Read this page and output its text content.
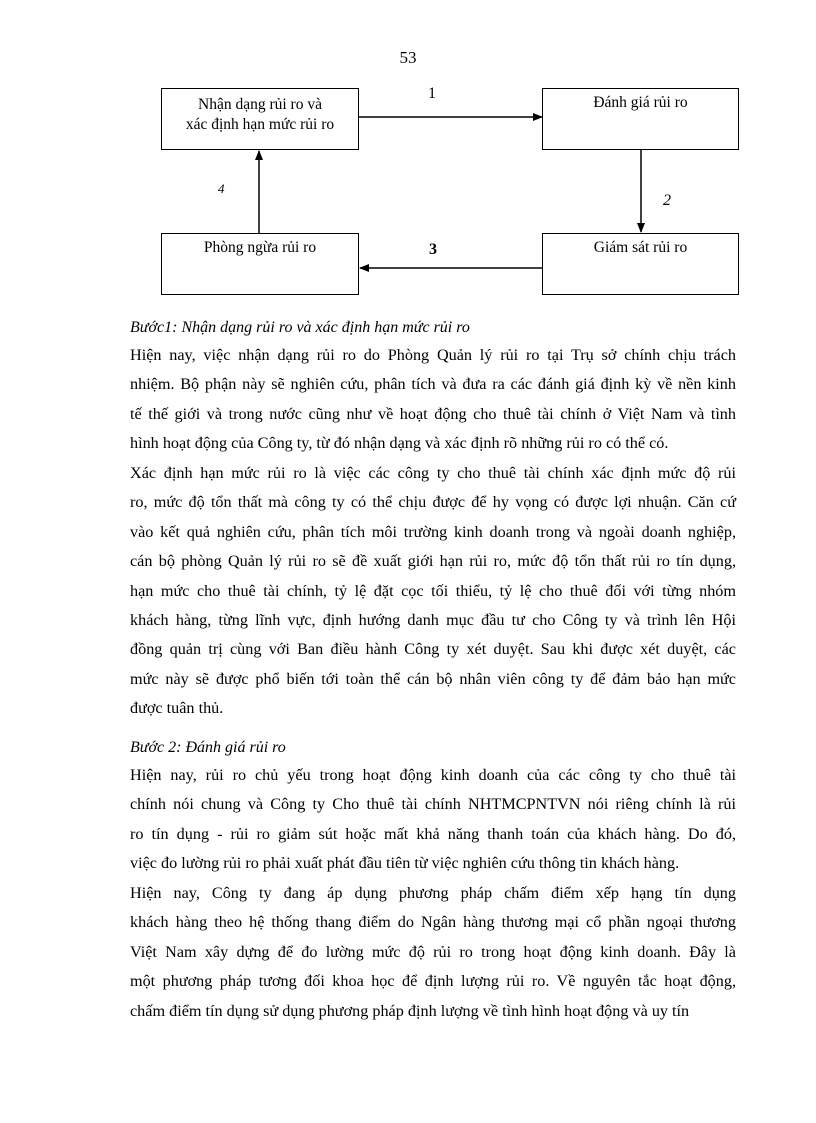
53
Nhận dạng rủi ro và
xác định hạn mức rủi ro
Đánh giá rủi ro
Giám sát rủi ro
Phòng ngừa rủi ro
1
2
3
4
Bước1: Nhận dạng rủi ro và xác định hạn mức rủi ro
Hiện nay, việc nhận dạng rủi ro do Phòng Quản lý rủi ro tại Trụ sở chính chịu trách
nhiệm. Bộ phận này sẽ nghiên cứu, phân tích và đưa ra các đánh giá định kỳ về nền kinh
tế thế giới và trong nước cũng như về hoạt động cho thuê tài chính ở Việt Nam và tình
hình hoạt động của Công ty, từ đó nhận dạng và xác định rõ những rủi ro có thể có.
Xác định hạn mức rủi ro là việc các công ty cho thuê tài chính xác định mức độ rủi
ro, mức độ tổn thất mà công ty có thể chịu được để hy vọng có được lợi nhuận. Căn cứ
vào kết quả nghiên cứu, phân tích môi trường kinh doanh trong và ngoài doanh nghiệp,
cán bộ phòng Quản lý rủi ro sẽ đề xuất giới hạn rủi ro, mức độ tổn thất rủi ro tín dụng,
hạn mức cho thuê tài chính, tỷ lệ đặt cọc tối thiểu, tỷ lệ cho thuê đối với từng nhóm
khách hàng, từng lĩnh vực, định hướng danh mục đầu tư cho Công ty và trình lên Hội
đồng quản trị cùng với Ban điều hành Công ty xét duyệt. Sau khi được xét duyệt, các
mức này sẽ được phổ biến tới toàn thể cán bộ nhân viên công ty để đảm bảo hạn mức
được tuân thủ.
Bước 2: Đánh giá rủi ro
Hiện nay, rủi ro chủ yếu trong hoạt động kinh doanh của các công ty cho thuê tài
chính nói chung và Công ty Cho thuê tài chính NHTMCPNTVN nói riêng chính là rủi
ro tín dụng - rủi ro giảm sút hoặc mất khả năng thanh toán của khách hàng. Do đó,
việc đo lường rủi ro phải xuất phát đầu tiên từ việc nghiên cứu thông tin khách hàng.
Hiện nay, Công ty đang áp dụng phương pháp chấm điểm xếp hạng tín dụng
khách hàng theo hệ thống thang điểm do Ngân hàng thương mại cổ phần ngoại thương
Việt Nam xây dựng để đo lường mức độ rủi ro trong hoạt động kinh doanh. Đây là
một phương pháp tương đối khoa học để định lượng rủi ro. Về nguyên tắc hoạt động,
chấm điểm tín dụng sử dụng phương pháp định lượng về tình hình hoạt động và uy tín
